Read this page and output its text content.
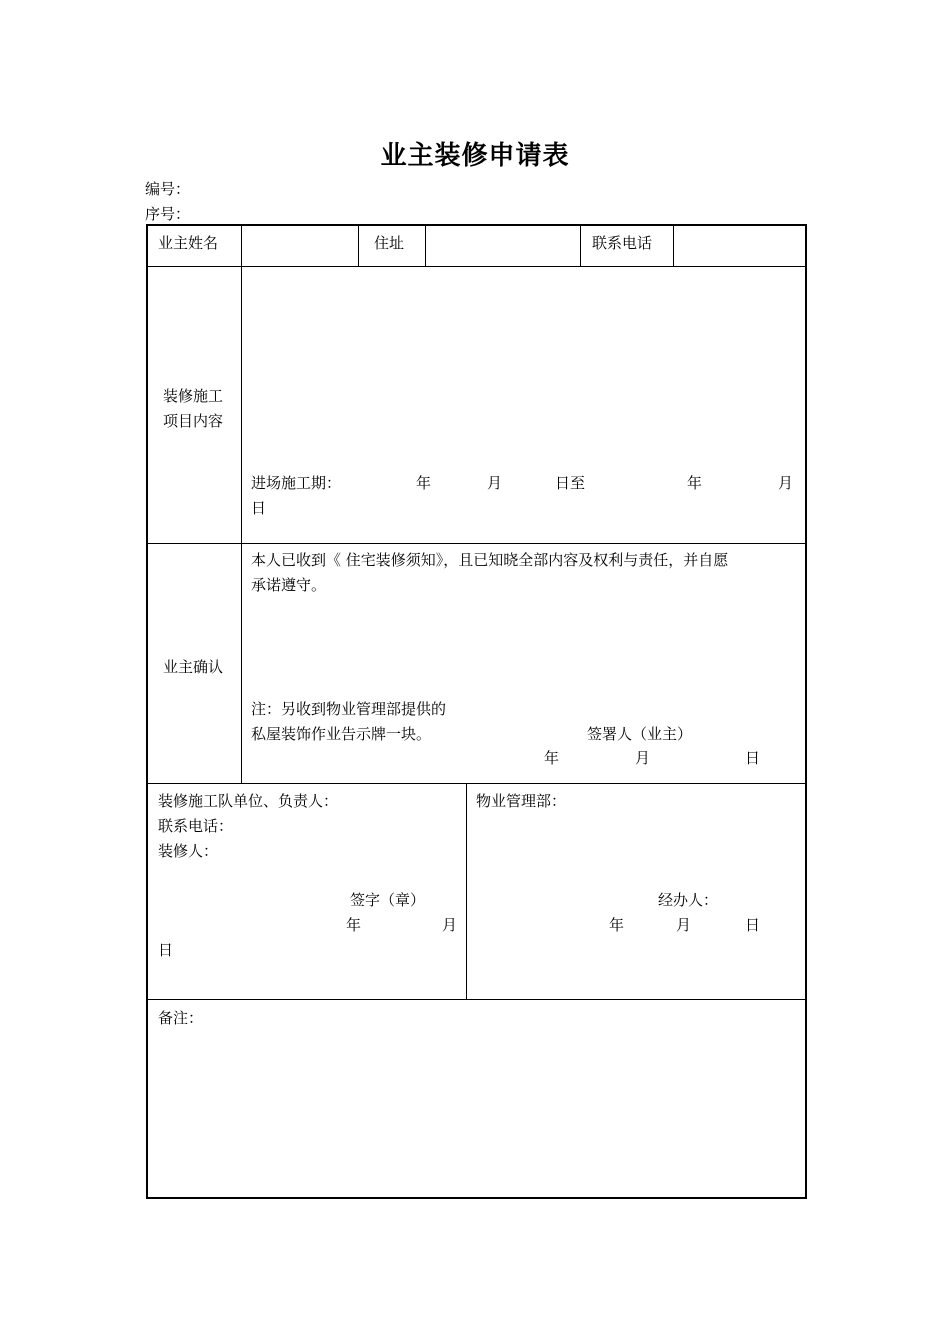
业主装修申请表
编号：
序号：
业主姓名	住址	联系电话
装修施工
项目内容
进场施工期：	年	月	日至	年	月
日
业主确认
本人已收到《 住宅装修须知》，且已知晓全部内容及权利与责任，并自愿
承诺遵守。
注：另收到物业管理部提供的
私屋装饰作业告示牌一块。	签署人（业主）
年	月	日
装修施工队单位、负责人：
联系电话：
装修人：
签字（章）
年	月
日
物业管理部：
经办人：
年	月	日
备注：
